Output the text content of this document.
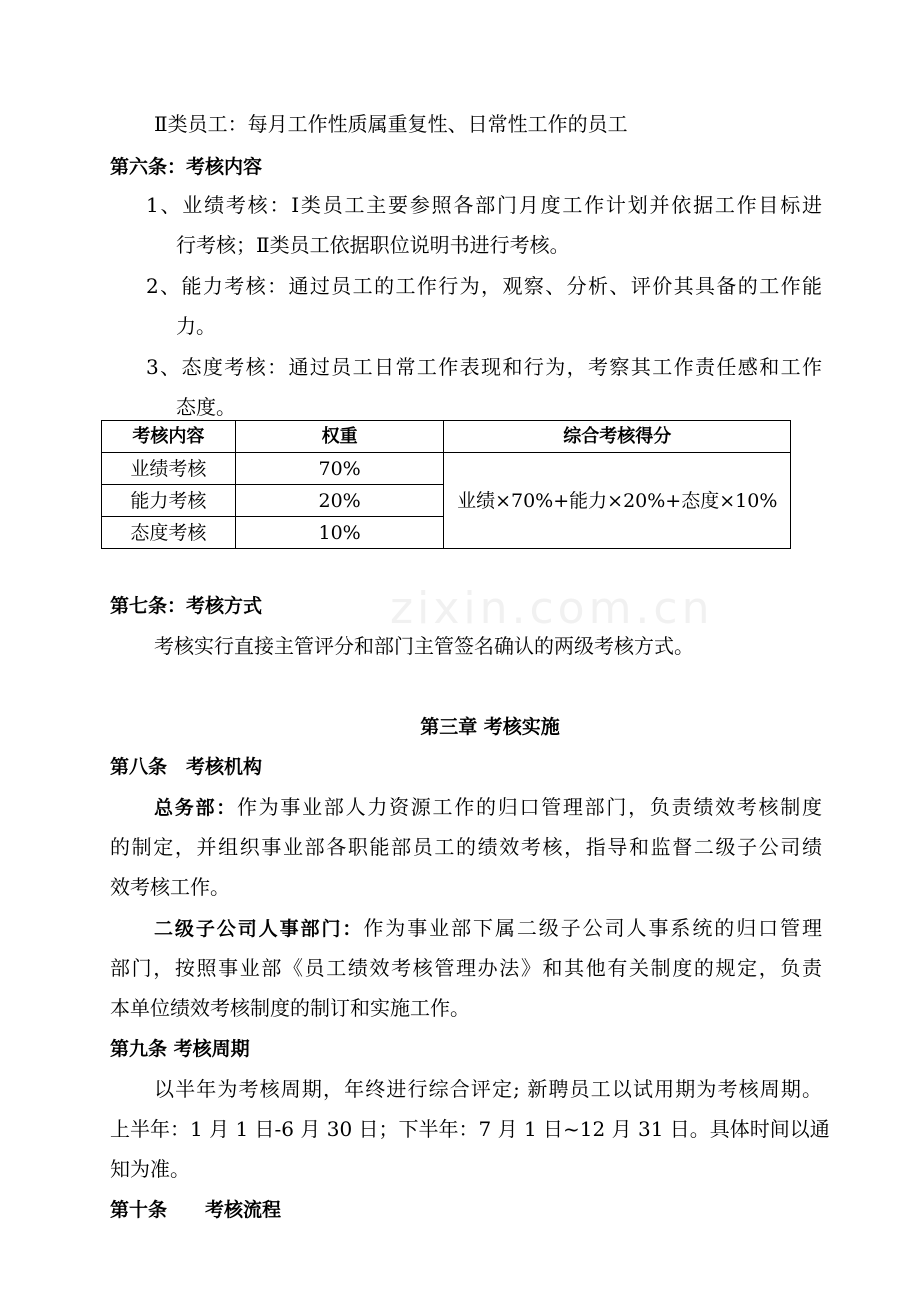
zixin.com.cn
Ⅱ类员工：每月工作性质属重复性、日常性工作的员工
第六条：考核内容
1、业绩考核：Ⅰ类员工主要参照各部门月度工作计划并依据工作目标进
行考核；Ⅱ类员工依据职位说明书进行考核。
2、能力考核：通过员工的工作行为，观察、分析、评价其具备的工作能
力。
3、态度考核：通过员工日常工作表现和行为，考察其工作责任感和工作
态度。
考核内容	权重	综合考核得分
业绩考核	70%	业绩×70%+能力×20%+态度×10%
能力考核	20%	
态度考核	10%	
第七条：考核方式
考核实行直接主管评分和部门主管签名确认的两级考核方式。
第三章 考核实施
第八条　考核机构
总务部：作为事业部人力资源工作的归口管理部门，负责绩效考核制度
的制定，并组织事业部各职能部员工的绩效考核，指导和监督二级子公司绩
效考核工作。
二级子公司人事部门：作为事业部下属二级子公司人事系统的归口管理
部门，按照事业部《员工绩效考核管理办法》和其他有关制度的规定，负责
本单位绩效考核制度的制订和实施工作。
第九条 考核周期
以半年为考核周期，年终进行综合评定; 新聘员工以试用期为考核周期。
上半年：1 月 1 日-6 月 30 日；下半年：7 月 1 日~12 月 31 日。具体时间以通
知为准。
第十条　　考核流程
